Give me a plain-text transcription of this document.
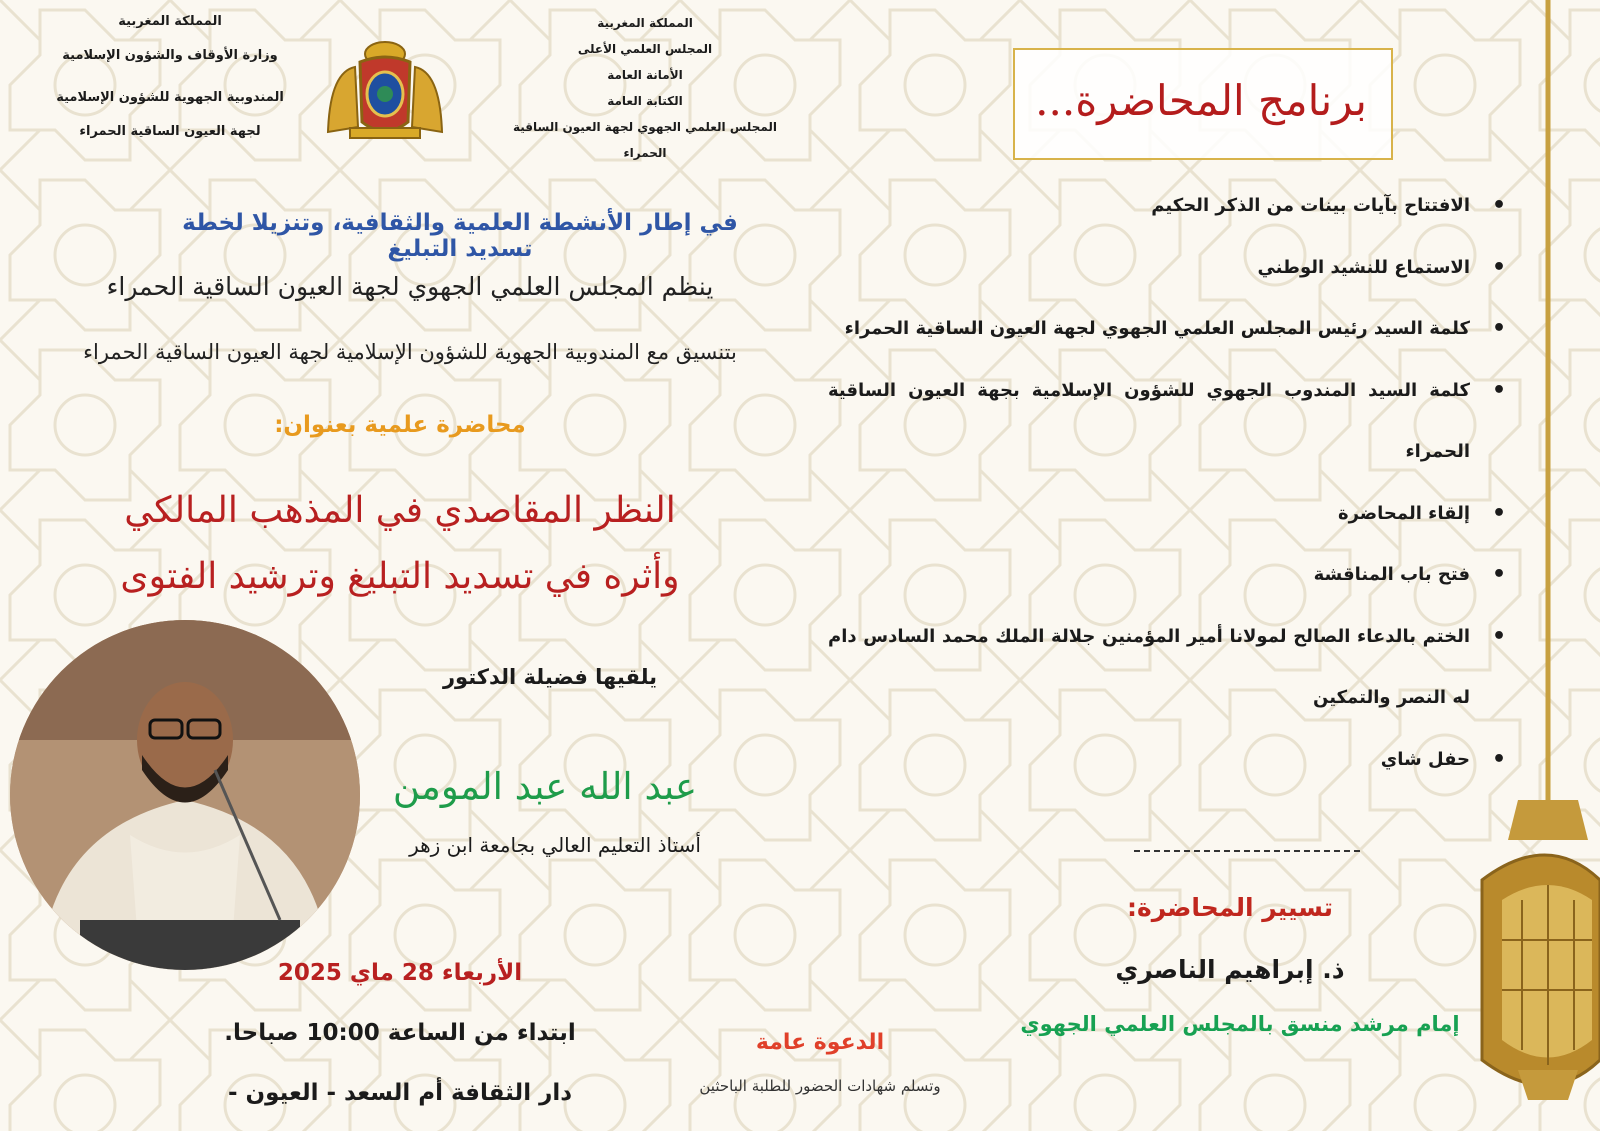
المملكة المغربية
وزارة الأوقاف والشؤون الإسلامية
المندوبية الجهوية للشؤون الإسلامية
لجهة العيون الساقية الحمراء
المملكة المغربية
المجلس العلمي الأعلى
الأمانة العامة
الكتابة العامة
المجلس العلمي الجهوي لجهة العيون الساقية الحمراء
برنامج المحاضرة...
• الافتتاح بآيات بينات من الذكر الحكيم
• الاستماع للنشيد الوطني
• كلمة السيد رئيس المجلس العلمي الجهوي لجهة العيون الساقية الحمراء
• كلمة السيد المندوب الجهوي للشؤون الإسلامية بجهة العيون الساقية الحمراء
• إلقاء المحاضرة
• فتح باب المناقشة
• الختم بالدعاء الصالح لمولانا أمير المؤمنين جلالة الملك محمد السادس دام له النصر والتمكين
• حفل شاي
تسيير المحاضرة:
ذ. إبراهيم الناصري
إمام مرشد منسق بالمجلس العلمي الجهوي
في إطار الأنشطة العلمية والثقافية، وتنزيلا لخطة تسديد التبليغ
ينظم المجلس العلمي الجهوي لجهة العيون الساقية الحمراء
بتنسيق مع المندوبية الجهوية للشؤون الإسلامية لجهة العيون الساقية الحمراء
محاضرة علمية بعنوان:
النظر المقاصدي في المذهب المالكي
وأثره في تسديد التبليغ وترشيد الفتوى
يلقيها فضيلة الدكتور
عبد الله عبد المومن
أستاذ التعليم العالي بجامعة ابن زهر
الأربعاء 28 ماي 2025
ابتداء من الساعة 10:00 صباحا.
دار الثقافة أم السعد - العيون -
الدعوة عامة
وتسلم شهادات الحضور للطلبة الباحثين
